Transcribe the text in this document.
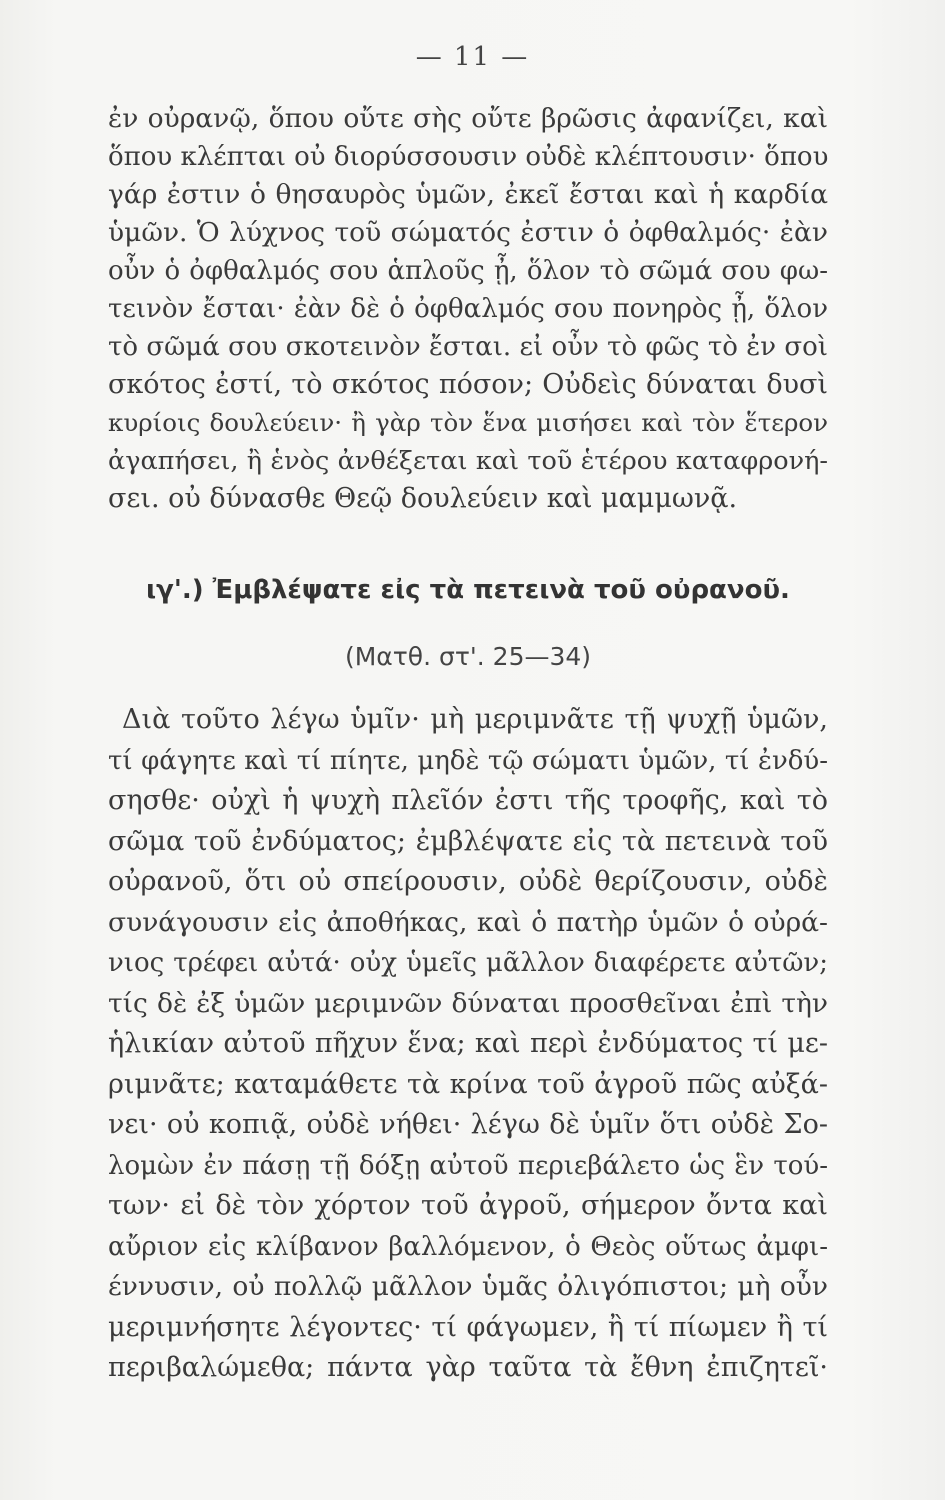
— 11 —
ἐν οὐρανῷ, ὅπου οὔτε σὴς οὔτε βρῶσις ἀφανίζει, καὶ
ὅπου κλέπται οὐ διορύσσουσιν οὐδὲ κλέπτουσιν· ὅπου
γάρ ἐστιν ὁ θησαυρὸς ὑμῶν, ἐκεῖ ἔσται καὶ ἡ καρδία
ὑμῶν. Ὁ λύχνος τοῦ σώματός ἐστιν ὁ ὀφθαλμός· ἐὰν
οὖν ὁ ὀφθαλμός σου ἁπλοῦς ᾖ, ὅλον τὸ σῶμά σου φω-
τεινὸν ἔσται· ἐὰν δὲ ὁ ὀφθαλμός σου πονηρὸς ᾖ, ὅλον
τὸ σῶμά σου σκοτεινὸν ἔσται. εἰ οὖν τὸ φῶς τὸ ἐν σοὶ
σκότος ἐστί, τὸ σκότος πόσον; Οὐδεὶς δύναται δυσὶ
κυρίοις δουλεύειν· ἢ γὰρ τὸν ἕνα μισήσει καὶ τὸν ἕτερον
ἀγαπήσει, ἢ ἑνὸς ἀνθέξεται καὶ τοῦ ἑτέρου καταφρονή-
σει. οὐ δύνασθε Θεῷ δουλεύειν καὶ μαμμωνᾷ.
ιγ'.) Ἐμβλέψατε εἰς τὰ πετεινὰ τοῦ οὐρανοῦ.
(Ματθ. στ'. 25—34)
Διὰ τοῦτο λέγω ὑμῖν· μὴ μεριμνᾶτε τῇ ψυχῇ ὑμῶν,
τί φάγητε καὶ τί πίητε, μηδὲ τῷ σώματι ὑμῶν, τί ἐνδύ-
σησθε· οὐχὶ ἡ ψυχὴ πλεῖόν ἐστι τῆς τροφῆς, καὶ τὸ
σῶμα τοῦ ἐνδύματος; ἐμβλέψατε εἰς τὰ πετεινὰ τοῦ
οὐρανοῦ, ὅτι οὐ σπείρουσιν, οὐδὲ θερίζουσιν, οὐδὲ
συνάγουσιν εἰς ἀποθήκας, καὶ ὁ πατὴρ ὑμῶν ὁ οὐρά-
νιος τρέφει αὐτά· οὐχ ὑμεῖς μᾶλλον διαφέρετε αὐτῶν;
τίς δὲ ἐξ ὑμῶν μεριμνῶν δύναται προσθεῖναι ἐπὶ τὴν
ἡλικίαν αὐτοῦ πῆχυν ἕνα; καὶ περὶ ἐνδύματος τί με-
ριμνᾶτε; καταμάθετε τὰ κρίνα τοῦ ἀγροῦ πῶς αὐξά-
νει· οὐ κοπιᾷ, οὐδὲ νήθει· λέγω δὲ ὑμῖν ὅτι οὐδὲ Σο-
λομὼν ἐν πάσῃ τῇ δόξῃ αὐτοῦ περιεβάλετο ὡς ἓν τού-
των· εἰ δὲ τὸν χόρτον τοῦ ἀγροῦ, σήμερον ὄντα καὶ
αὔριον εἰς κλίβανον βαλλόμενον, ὁ Θεὸς οὕτως ἀμφι-
έννυσιν, οὐ πολλῷ μᾶλλον ὑμᾶς ὀλιγόπιστοι; μὴ οὖν
μεριμνήσητε λέγοντες· τί φάγωμεν, ἢ τί πίωμεν ἢ τί
περιβαλώμεθα; πάντα γὰρ ταῦτα τὰ ἔθνη ἐπιζητεῖ·
